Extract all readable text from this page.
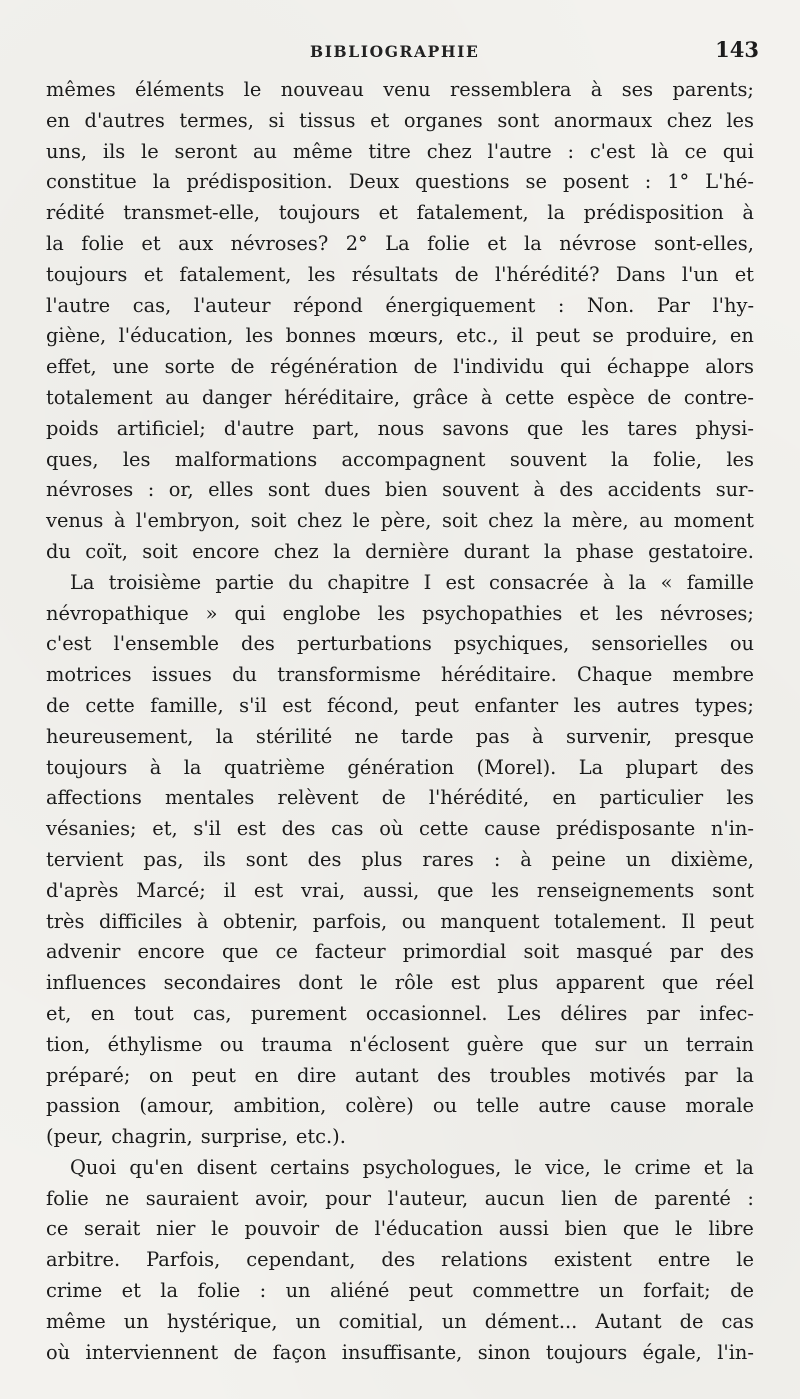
BIBLIOGRAPHIE	143
mêmes éléments le nouveau venu ressemblera à ses parents;
en d'autres termes, si tissus et organes sont anormaux chez les
uns, ils le seront au même titre chez l'autre : c'est là ce qui
constitue la prédisposition. Deux questions se posent : 1° L'hé-
rédité transmet-elle, toujours et fatalement, la prédisposition à
la folie et aux névroses? 2° La folie et la névrose sont-elles,
toujours et fatalement, les résultats de l'hérédité? Dans l'un et
l'autre cas, l'auteur répond énergiquement : Non. Par l'hy-
giène, l'éducation, les bonnes mœurs, etc., il peut se produire, en
effet, une sorte de régénération de l'individu qui échappe alors
totalement au danger héréditaire, grâce à cette espèce de contre-
poids artificiel; d'autre part, nous savons que les tares physi-
ques, les malformations accompagnent souvent la folie, les
névroses : or, elles sont dues bien souvent à des accidents sur-
venus à l'embryon, soit chez le père, soit chez la mère, au moment
du coït, soit encore chez la dernière durant la phase gestatoire.
La troisième partie du chapitre I est consacrée à la « famille
névropathique » qui englobe les psychopathies et les névroses;
c'est l'ensemble des perturbations psychiques, sensorielles ou
motrices issues du transformisme héréditaire. Chaque membre
de cette famille, s'il est fécond, peut enfanter les autres types;
heureusement, la stérilité ne tarde pas à survenir, presque
toujours à la quatrième génération (Morel). La plupart des
affections mentales relèvent de l'hérédité, en particulier les
vésanies; et, s'il est des cas où cette cause prédisposante n'in-
tervient pas, ils sont des plus rares : à peine un dixième,
d'après Marcé; il est vrai, aussi, que les renseignements sont
très difficiles à obtenir, parfois, ou manquent totalement. Il peut
advenir encore que ce facteur primordial soit masqué par des
influences secondaires dont le rôle est plus apparent que réel
et, en tout cas, purement occasionnel. Les délires par infec-
tion, éthylisme ou trauma n'éclosent guère que sur un terrain
préparé; on peut en dire autant des troubles motivés par la
passion (amour, ambition, colère) ou telle autre cause morale
(peur, chagrin, surprise, etc.).
Quoi qu'en disent certains psychologues, le vice, le crime et la
folie ne sauraient avoir, pour l'auteur, aucun lien de parenté :
ce serait nier le pouvoir de l'éducation aussi bien que le libre
arbitre. Parfois, cependant, des relations existent entre le
crime et la folie : un aliéné peut commettre un forfait; de
même un hystérique, un comitial, un dément... Autant de cas
où interviennent de façon insuffisante, sinon toujours égale, l'in-
